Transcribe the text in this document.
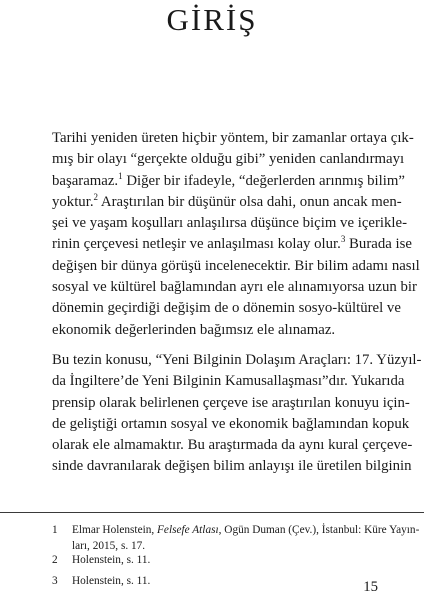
GİRİŞ
Tarihi yeniden üreten hiçbir yöntem, bir zamanlar ortaya çık-
mış bir olayı “gerçekte olduğu gibi” yeniden canlandırmayı
başaramaz.$^1$ Diğer bir ifadeyle, “değerlerden arınmış bilim”
yoktur.$^2$ Araştırılan bir düşünür olsa dahi, onun ancak men-
şei ve yaşam koşulları anlaşılırsa düşünce biçim ve içerikle-
rinin çerçevesi netleşir ve anlaşılması kolay olur.$^3$ Burada ise
değişen bir dünya görüşü incelenecektir. Bir bilim adamı nasıl
sosyal ve kültürel bağlamından ayrı ele alınamıyorsa uzun bir
dönemin geçirdiği değişim de o dönemin sosyo-kültürel ve
ekonomik değerlerinden bağımsız ele alınamaz.
Bu tezin konusu, “Yeni Bilginin Dolaşım Araçları: 17. Yüzyıl-
da İngiltere’de Yeni Bilginin Kamusallaşması”dır. Yukarıda
prensip olarak belirlenen çerçeve ise araştırılan konuyu için-
de geliştiği ortamın sosyal ve ekonomik bağlamından kopuk
olarak ele almamaktır. Bu araştırmada da aynı kural çerçeve-
sinde davranılarak değişen bilim anlayışı ile üretilen bilginin
1 Elmar Holenstein, Felsefe Atlası, Ogün Duman (Çev.), İstanbul: Küre Yayın-
ları, 2015, s. 17.
2 Holenstein, s. 11.
3 Holenstein, s. 11.	15
